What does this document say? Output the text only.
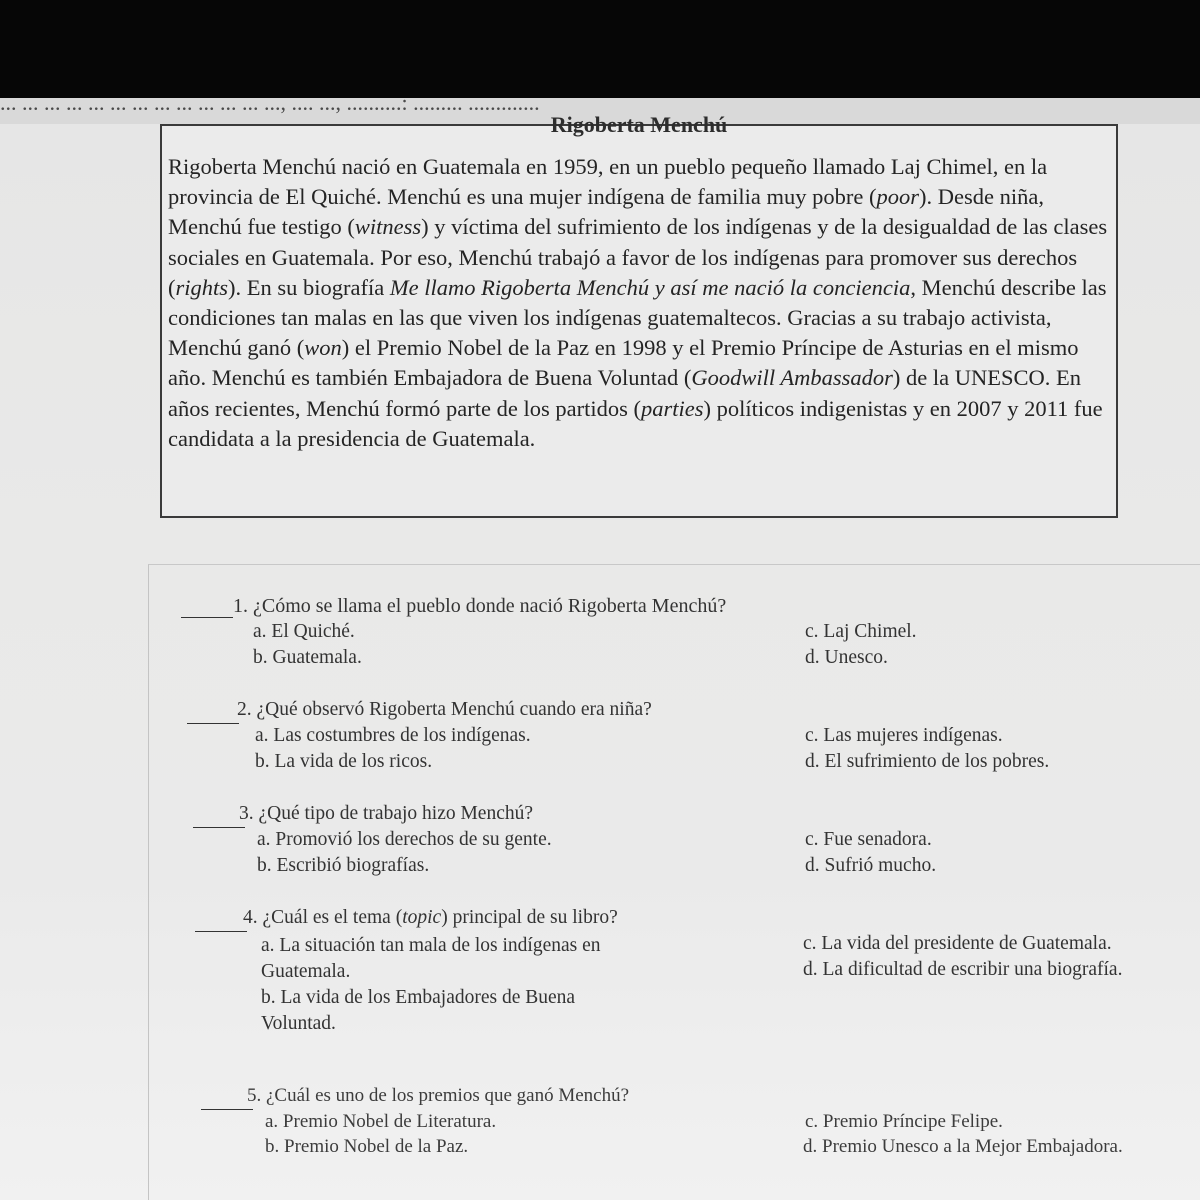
... ... ... ... ... ... ... ... ... ... ... ... ..., .... ..., ..........: ......... .............
Rigoberta Menchú

Rigoberta Menchú nació en Guatemala en 1959, en un pueblo pequeño llamado Laj Chimel, en la provincia de El Quiché. Menchú es una mujer indígena de familia muy pobre (poor). Desde niña, Menchú fue testigo (witness) y víctima del sufrimiento de los indígenas y de la desigualdad de las clases sociales en Guatemala. Por eso, Menchú trabajó a favor de los indígenas para promover sus derechos (rights). En su biografía Me llamo Rigoberta Menchú y así me nació la conciencia, Menchú describe las condiciones tan malas en las que viven los indígenas guatemaltecos. Gracias a su trabajo activista, Menchú ganó (won) el Premio Nobel de la Paz en 1998 y el Premio Príncipe de Asturias en el mismo año. Menchú es también Embajadora de Buena Voluntad (Goodwill Ambassador) de la UNESCO. En años recientes, Menchú formó parte de los partidos (parties) políticos indigenistas y en 2007 y 2011 fue candidata a la presidencia de Guatemala.

1. ¿Cómo se llama el pueblo donde nació Rigoberta Menchú?
a. El Quiché.
b. Guatemala.
c. Laj Chimel.
d. Unesco.
2. ¿Qué observó Rigoberta Menchú cuando era niña?
a. Las costumbres de los indígenas.
b. La vida de los ricos.
c. Las mujeres indígenas.
d. El sufrimiento de los pobres.
3. ¿Qué tipo de trabajo hizo Menchú?
a. Promovió los derechos de su gente.
b. Escribió biografías.
c. Fue senadora.
d. Sufrió mucho.
4. ¿Cuál es el tema (topic) principal de su libro?
a. La situación tan mala de los indígenas en
Guatemala.
b. La vida de los Embajadores de Buena
Voluntad.
c. La vida del presidente de Guatemala.
d. La dificultad de escribir una biografía.
5. ¿Cuál es uno de los premios que ganó Menchú?
a. Premio Nobel de Literatura.
b. Premio Nobel de la Paz.
c. Premio Príncipe Felipe.
d. Premio Unesco a la Mejor Embajadora.
